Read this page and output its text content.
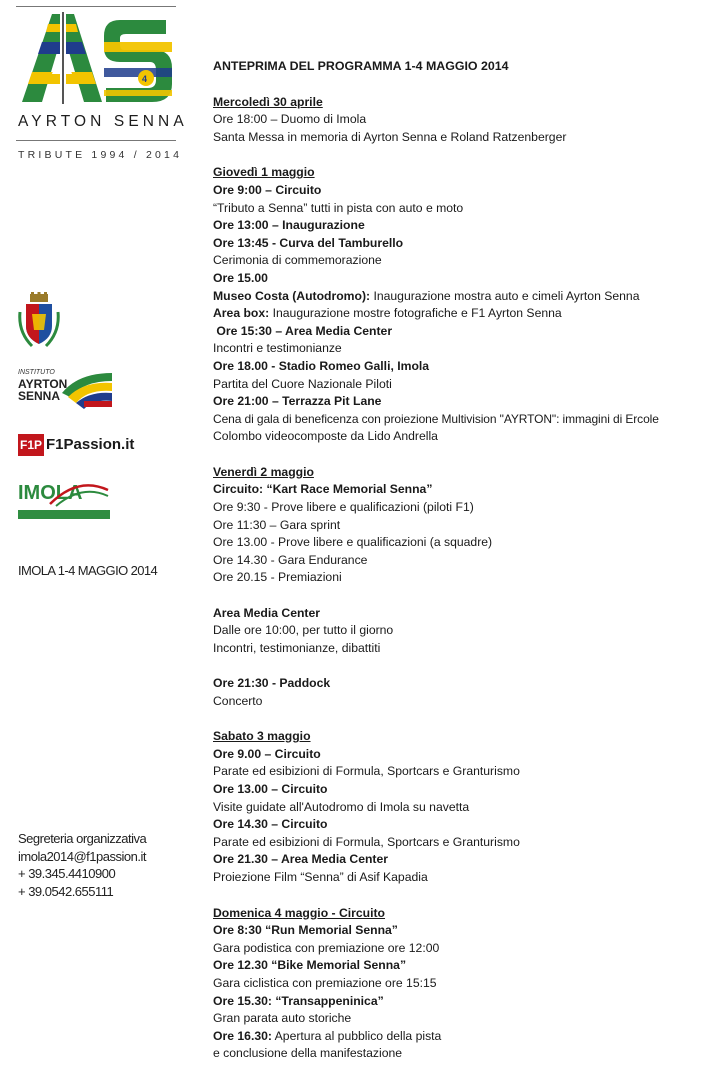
4
AYRTON SENNA
TRIBUTE 1994 / 2014
INSTITUTO
AYRTON
SENNA
F1P F1Passion.it
IMOLA
IMOLA 1-4 MAGGIO 2014
Segreteria organizzativa
imola2014@f1passion.it
+ 39.345.4410900
+ 39.0542.655111
ANTEPRIMA DEL PROGRAMMA 1-4 MAGGIO 2014
Mercoledì 30 aprile
Ore 18:00 – Duomo di Imola
Santa Messa in memoria di Ayrton Senna e Roland Ratzenberger
Giovedì 1 maggio
Ore 9:00 – Circuito
“Tributo a Senna” tutti in pista con auto e moto
Ore 13:00 – Inaugurazione
Ore 13:45 - Curva del Tamburello
Cerimonia di commemorazione
Ore 15.00
Museo Costa (Autodromo): Inaugurazione mostra auto e cimeli Ayrton Senna
Area box: Inaugurazione mostre fotografiche e F1 Ayrton Senna
Ore 15:30 – Area Media Center
Incontri e testimonianze
Ore 18.00 - Stadio Romeo Galli, Imola
Partita del Cuore Nazionale Piloti
Ore 21:00 – Terrazza Pit Lane
Cena di gala di beneficenza con proiezione Multivision "AYRTON": immagini di Ercole
Colombo videocomposte da Lido Andrella
Venerdì 2 maggio
Circuito: “Kart Race Memorial Senna”
Ore 9:30 - Prove libere e qualificazioni (piloti F1)
Ore 11:30 – Gara sprint
Ore 13.00 - Prove libere e qualificazioni (a squadre)
Ore 14.30 - Gara Endurance
Ore 20.15 - Premiazioni
Area Media Center
Dalle ore 10:00, per tutto il giorno
Incontri, testimonianze, dibattiti
Ore 21:30 - Paddock
Concerto
Sabato 3 maggio
Ore 9.00 – Circuito
Parate ed esibizioni di Formula, Sportcars e Granturismo
Ore 13.00 – Circuito
Visite guidate all'Autodromo di Imola su navetta
Ore 14.30 – Circuito
Parate ed esibizioni di Formula, Sportcars e Granturismo
Ore 21.30 – Area Media Center
Proiezione Film “Senna” di Asif Kapadia
Domenica 4 maggio - Circuito
Ore 8:30 “Run Memorial Senna”
Gara podistica con premiazione ore 12:00
Ore 12.30 “Bike Memorial Senna”
Gara ciclistica con premiazione ore 15:15
Ore 15.30: “Transappeninica”
Gran parata auto storiche
Ore 16.30: Apertura al pubblico della pista
e conclusione della manifestazione
